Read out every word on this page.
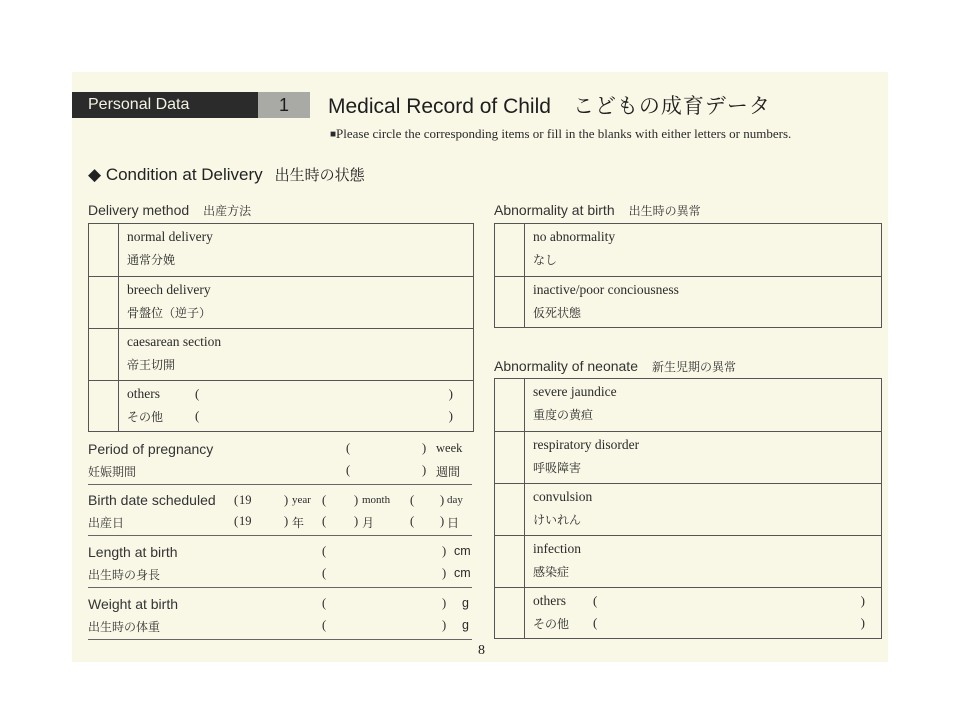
Personal Data	1	Medical Record of Child こどもの成育データ
■Please circle the corresponding items or fill in the blanks with either letters or numbers.
◆ Condition at Delivery 出生時の状態
Delivery method 出産方法
normal delivery
通常分娩
breech delivery
骨盤位（逆子）
caesarean section
帝王切開
others
その他
(
(
)
)
Period of pregnancy
妊娠期間
(
(
)
)
week
週間
Birth date scheduled
出産日
( 19
( 19
) year
) 年
(
(
) month
) 月
(
(
) day
) 日
Length at birth
出生時の身長
(
(
)
)
cm
cm
Weight at birth
出生時の体重
(
(
)
)
g
g
Abnormality at birth 出生時の異常
no abnormality
なし
inactive/poor conciousness
仮死状態
Abnormality of neonate 新生児期の異常
severe jaundice
重度の黄疸
respiratory disorder
呼吸障害
convulsion
けいれん
infection
感染症
others
その他
(
(
)
)
8
